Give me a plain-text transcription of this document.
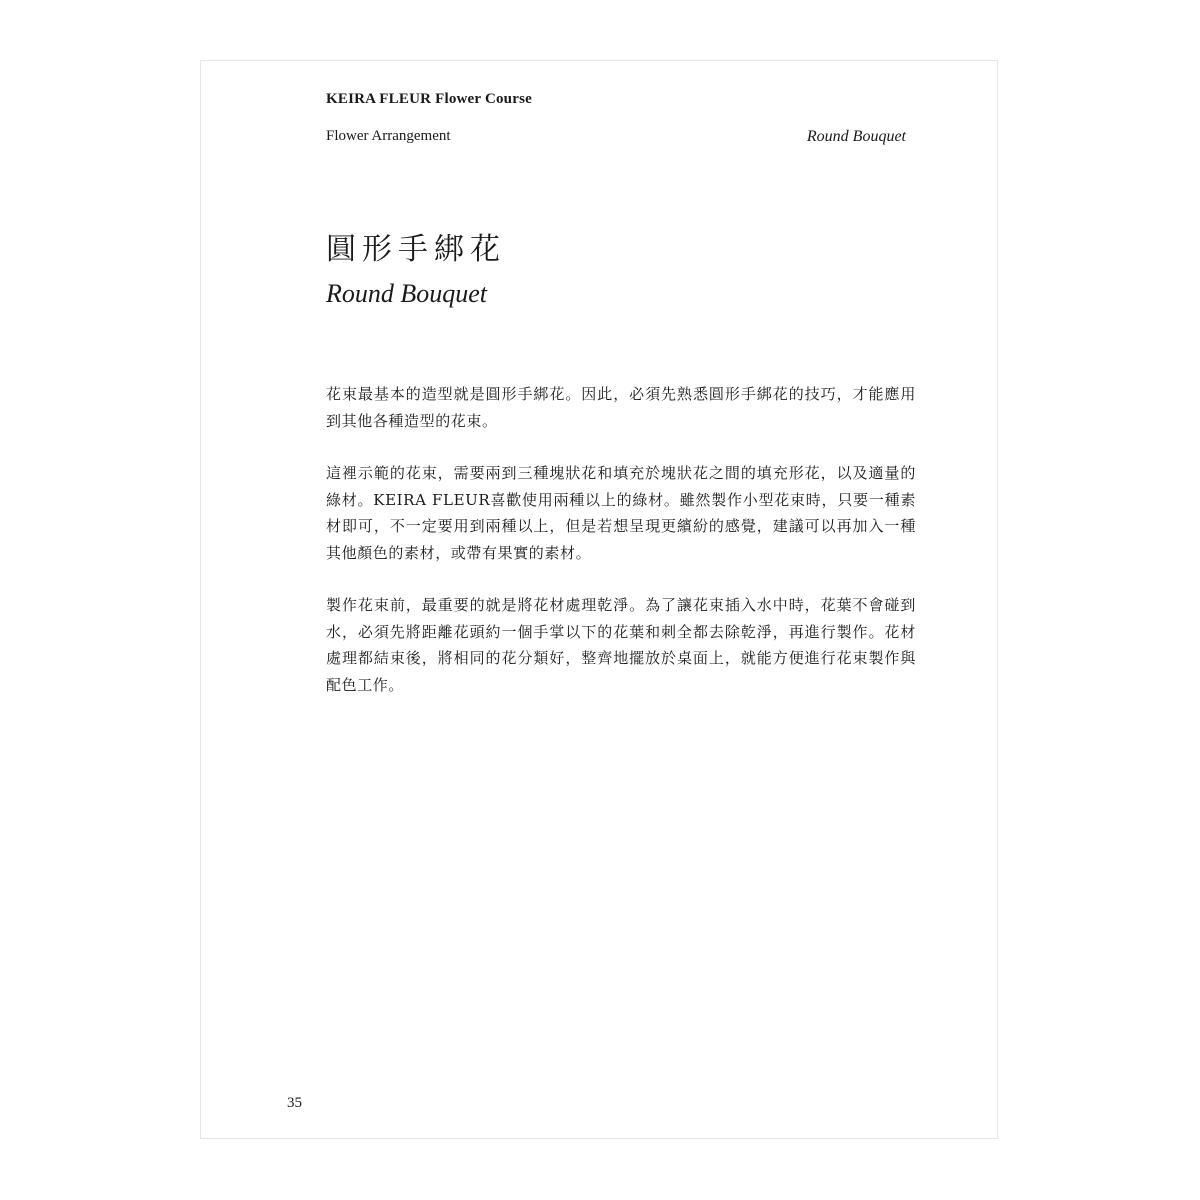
KEIRA FLEUR Flower Course
Flower Arrangement	Round Bouquet
圓形手綁花
Round Bouquet

花束最基本的造型就是圓形手綁花。因此，必須先熟悉圓形手綁花的技巧，才能應用到其他各種造型的花束。

這裡示範的花束，需要兩到三種塊狀花和填充於塊狀花之間的填充形花，以及適量的綠材。KEIRA FLEUR喜歡使用兩種以上的綠材。雖然製作小型花束時，只要一種素材即可，不一定要用到兩種以上，但是若想呈現更繽紛的感覺，建議可以再加入一種其他顏色的素材，或帶有果實的素材。

製作花束前，最重要的就是將花材處理乾淨。為了讓花束插入水中時，花葉不會碰到水，必須先將距離花頭約一個手掌以下的花葉和刺全都去除乾淨，再進行製作。花材處理都結束後，將相同的花分類好，整齊地擺放於桌面上，就能方便進行花束製作與配色工作。

35
